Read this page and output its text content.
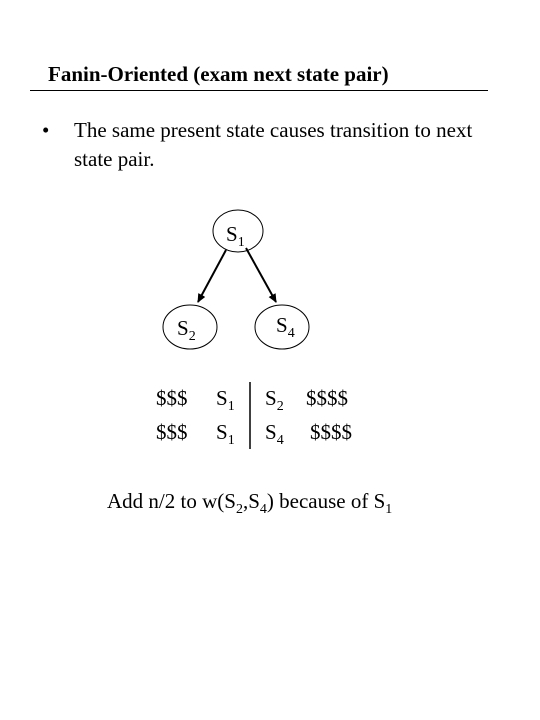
Fanin-Oriented (exam next state pair)
• The same present state causes transition to next state pair.
$S_1$
$S_2$	$S_4$
$$$ $S_1$ $S_2$ $$$$
$$$ $S_1$ $S_4$ $$$$
Add n/2 to $w(S_2,S_4)$ because of $S_1$
